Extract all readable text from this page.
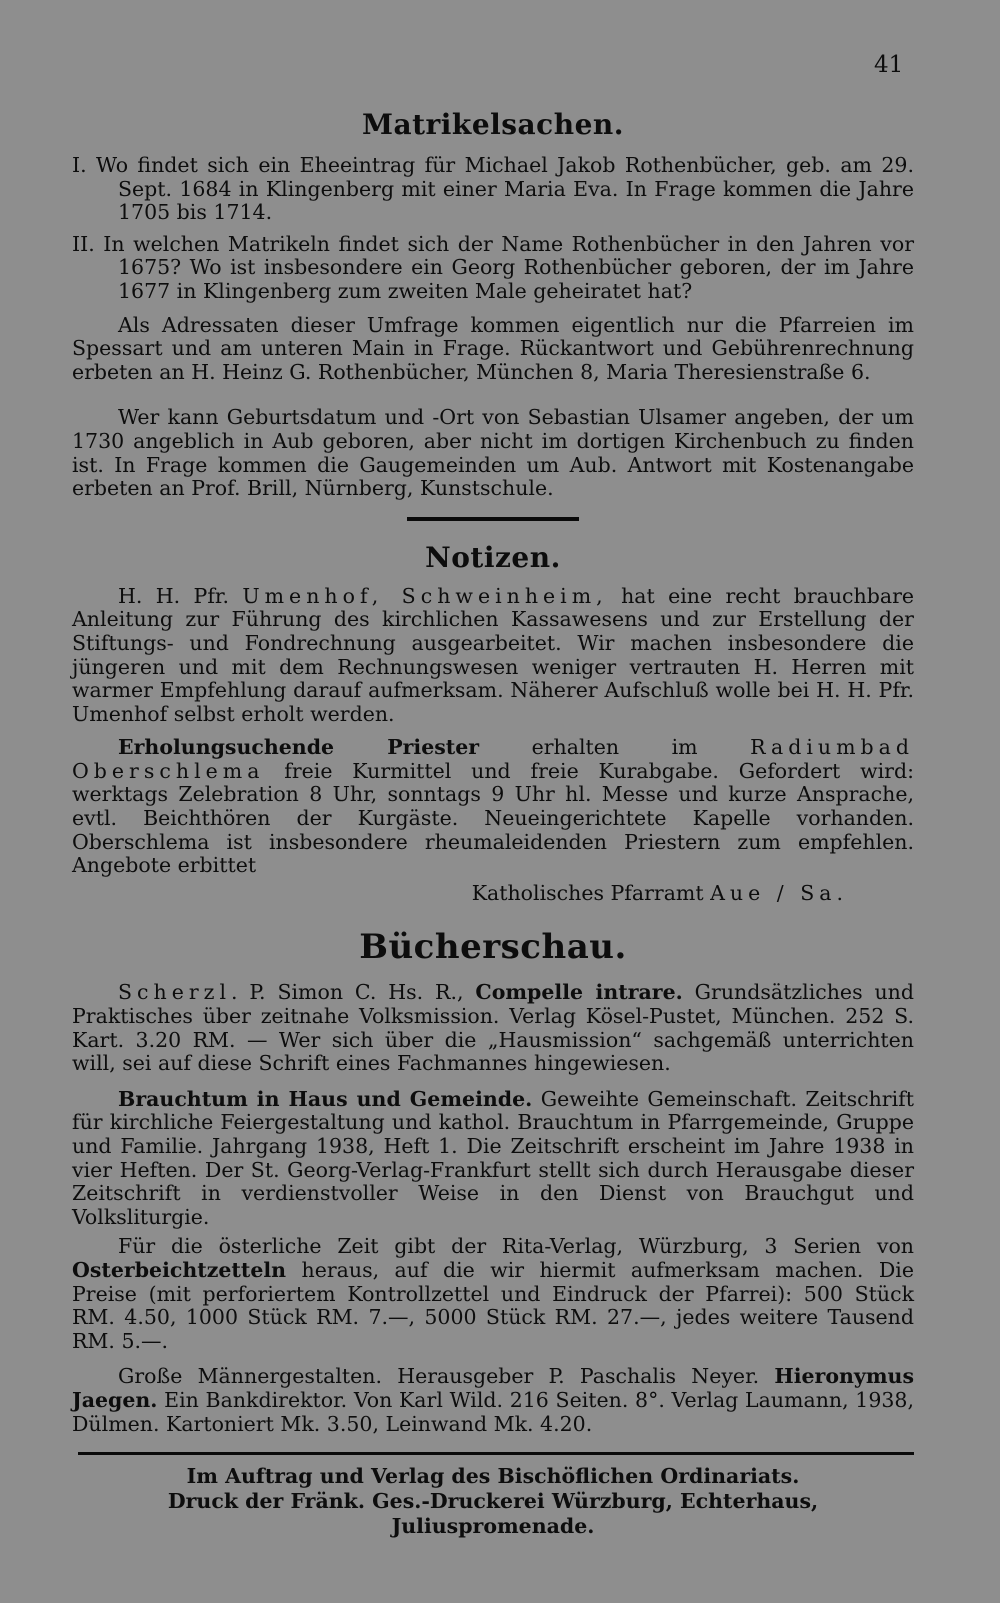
41
Matrikelsachen.

I. Wo findet sich ein Eheeintrag für Michael Jakob Rothenbücher, geb. am 29. Sept. 1684 in Klingenberg mit einer Maria Eva. In Frage kommen die Jahre 1705 bis 1714.

II. In welchen Matrikeln findet sich der Name Rothenbücher in den Jahren vor 1675? Wo ist insbesondere ein Georg Rothenbücher geboren, der im Jahre 1677 in Klingenberg zum zweiten Male geheiratet hat?

Als Adressaten dieser Umfrage kommen eigentlich nur die Pfarreien im Spessart und am unteren Main in Frage. Rückantwort und Gebührenrechnung erbeten an H. Heinz G. Rothenbücher, München 8, Maria Theresienstraße 6.

Wer kann Geburtsdatum und -Ort von Sebastian Ulsamer angeben, der um 1730 angeblich in Aub geboren, aber nicht im dortigen Kirchenbuch zu finden ist. In Frage kommen die Gaugemeinden um Aub. Antwort mit Kostenangabe erbeten an Prof. Brill, Nürnberg, Kunstschule.

Notizen.

H. H. Pfr. Umenhof, Schweinheim, hat eine recht brauchbare Anleitung zur Führung des kirchlichen Kassawesens und zur Erstellung der Stiftungs- und Fondrechnung ausgearbeitet. Wir machen insbesondere die jüngeren und mit dem Rechnungswesen weniger vertrauten H. Herren mit warmer Empfehlung darauf aufmerksam. Näherer Aufschluß wolle bei H. H. Pfr. Umenhof selbst erholt werden.

Erholungsuchende Priester erhalten im Radiumbad Oberschlema freie Kurmittel und freie Kurabgabe. Gefordert wird: werktags Zelebration 8 Uhr, sonntags 9 Uhr hl. Messe und kurze Ansprache, evtl. Beichthören der Kurgäste. Neueingerichtete Kapelle vorhanden. Oberschlema ist insbesondere rheumaleidenden Priestern zum empfehlen. Angebote erbittet

Katholisches Pfarramt Aue / Sa.

Bücherschau.

Scherzl. P. Simon C. Hs. R., Compelle intrare. Grundsätzliches und Praktisches über zeitnahe Volksmission. Verlag Kösel-Pustet, München. 252 S. Kart. 3.20 RM. — Wer sich über die „Hausmission“ sachgemäß unterrichten will, sei auf diese Schrift eines Fachmannes hingewiesen.

Brauchtum in Haus und Gemeinde. Geweihte Gemeinschaft. Zeitschrift für kirchliche Feiergestaltung und kathol. Brauchtum in Pfarrgemeinde, Gruppe und Familie. Jahrgang 1938, Heft 1. Die Zeitschrift erscheint im Jahre 1938 in vier Heften. Der St. Georg-Verlag-Frankfurt stellt sich durch Herausgabe dieser Zeitschrift in verdienstvoller Weise in den Dienst von Brauchgut und Volksliturgie.

Für die österliche Zeit gibt der Rita-Verlag, Würzburg, 3 Serien von Osterbeichtzetteln heraus, auf die wir hiermit aufmerksam machen. Die Preise (mit perforiertem Kontrollzettel und Eindruck der Pfarrei): 500 Stück RM. 4.50, 1000 Stück RM. 7.—, 5000 Stück RM. 27.—, jedes weitere Tausend RM. 5.—.

Große Männergestalten. Herausgeber P. Paschalis Neyer. Hieronymus Jaegen. Ein Bankdirektor. Von Karl Wild. 216 Seiten. 8°. Verlag Laumann, 1938, Dülmen. Kartoniert Mk. 3.50, Leinwand Mk. 4.20.

Im Auftrag und Verlag des Bischöflichen Ordinariats.
Druck der Fränk. Ges.-Druckerei Würzburg, Echterhaus, Juliuspromenade.
